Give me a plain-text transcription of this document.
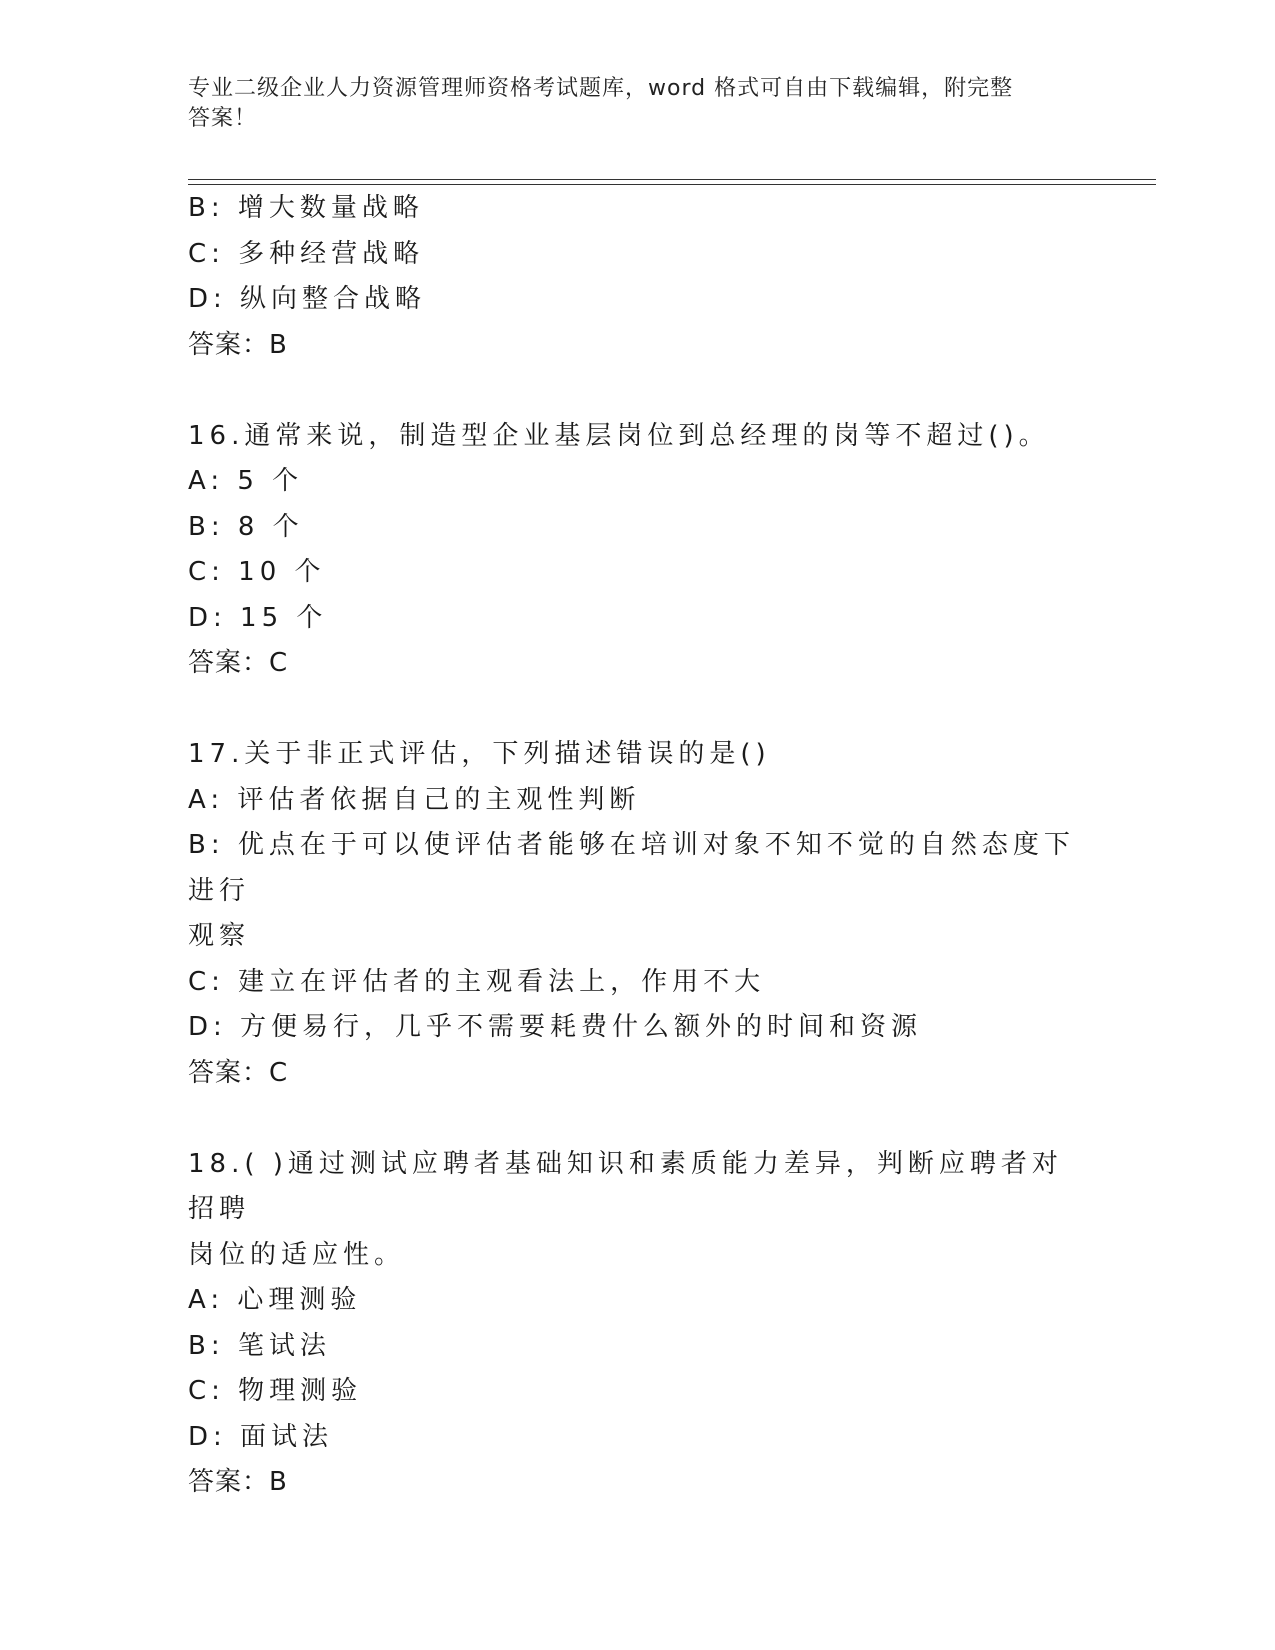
专业二级企业人力资源管理师资格考试题库，word 格式可自由下载编辑，附完整
答案！
B: 增大数量战略
C: 多种经营战略
D: 纵向整合战略
答案：B
16.通常来说，制造型企业基层岗位到总经理的岗等不超过()。
A: 5 个
B: 8 个
C: 10 个
D: 15 个
答案：C
17.关于非正式评估，下列描述错误的是()
A: 评估者依据自己的主观性判断
B: 优点在于可以使评估者能够在培训对象不知不觉的自然态度下进行
观察
C: 建立在评估者的主观看法上，作用不大
D: 方便易行，几乎不需要耗费什么额外的时间和资源
答案：C
18.( )通过测试应聘者基础知识和素质能力差异，判断应聘者对招聘
岗位的适应性。
A: 心理测验
B: 笔试法
C: 物理测验
D: 面试法
答案：B
